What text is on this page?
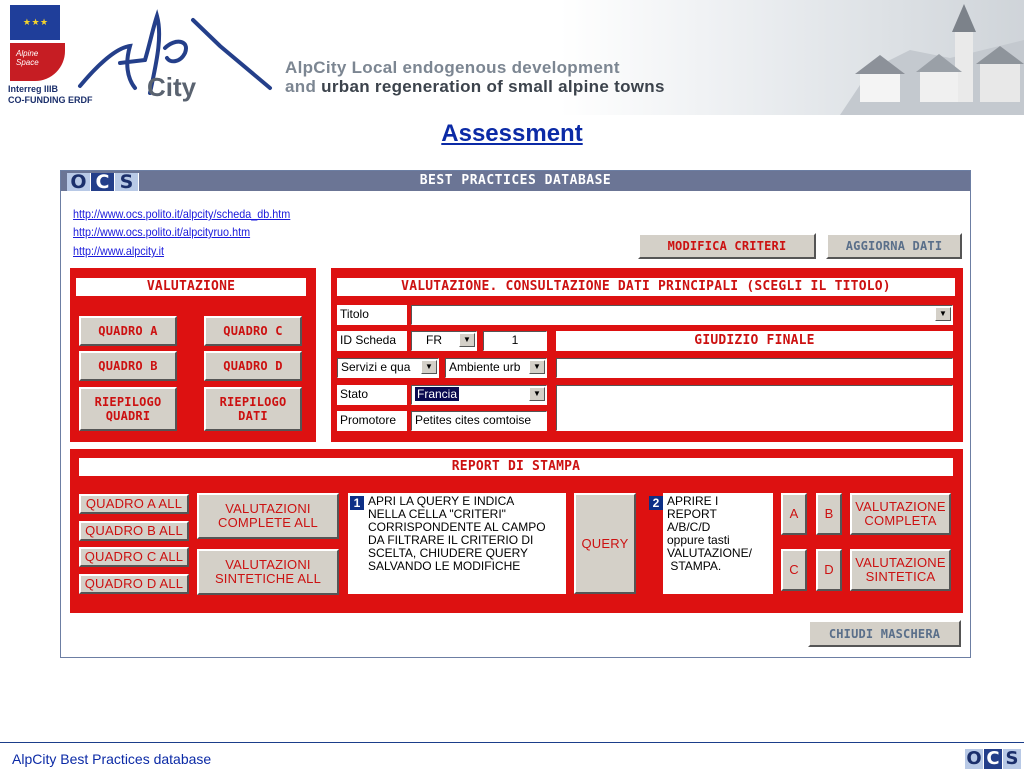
★ ★ ★
Alpine Space
Interreg IIIB
CO-FUNDING ERDF City
AlpCity Local endogenous development
and urban regeneration of small alpine towns
Assessment
O C S	BEST PRACTICES DATABASE
http://www.ocs.polito.it/alpcity/scheda_db.htm
http://www.ocs.polito.it/alpcityruo.htm
http://www.alpcity.it	MODIFICA CRITERI	AGGIORNA DATI
VALUTAZIONE
QUADRO A	QUADRO C
QUADRO B	QUADRO D
RIEPILOGO
QUADRI
RIEPILOGO
DATI
VALUTAZIONE. CONSULTAZIONE DATI PRINCIPALI (SCEGLI IL TITOLO)
Titolo	▼
ID Scheda	FR	▼	1	GIUDIZIO FINALE
Servizi e qua	▼	Ambiente urb	▼
Stato	Francia	▼
Promotore	Petites cites comtoise
REPORT DI STAMPA
QUADRO A ALL
QUADRO B ALL
QUADRO C ALL
QUADRO D ALL
VALUTAZIONI
COMPLETE ALL
VALUTAZIONI
SINTETICHE ALL
1 APRI LA QUERY E INDICA
NELLA CELLA "CRITERI"
CORRISPONDENTE AL CAMPO
DA FILTRARE IL CRITERIO DI
SCELTA, CHIUDERE QUERY
SALVANDO LE MODIFICHE
QUERY
APRIRE I
REPORT
A/B/C/D
oppure tasti
VALUTAZIONE/
STAMPA.
2
A	B
C	D
VALUTAZIONE
COMPLETA
VALUTAZIONE
SINTETICA
CHIUDI MASCHERA
AlpCity Best Practices database	O C S
